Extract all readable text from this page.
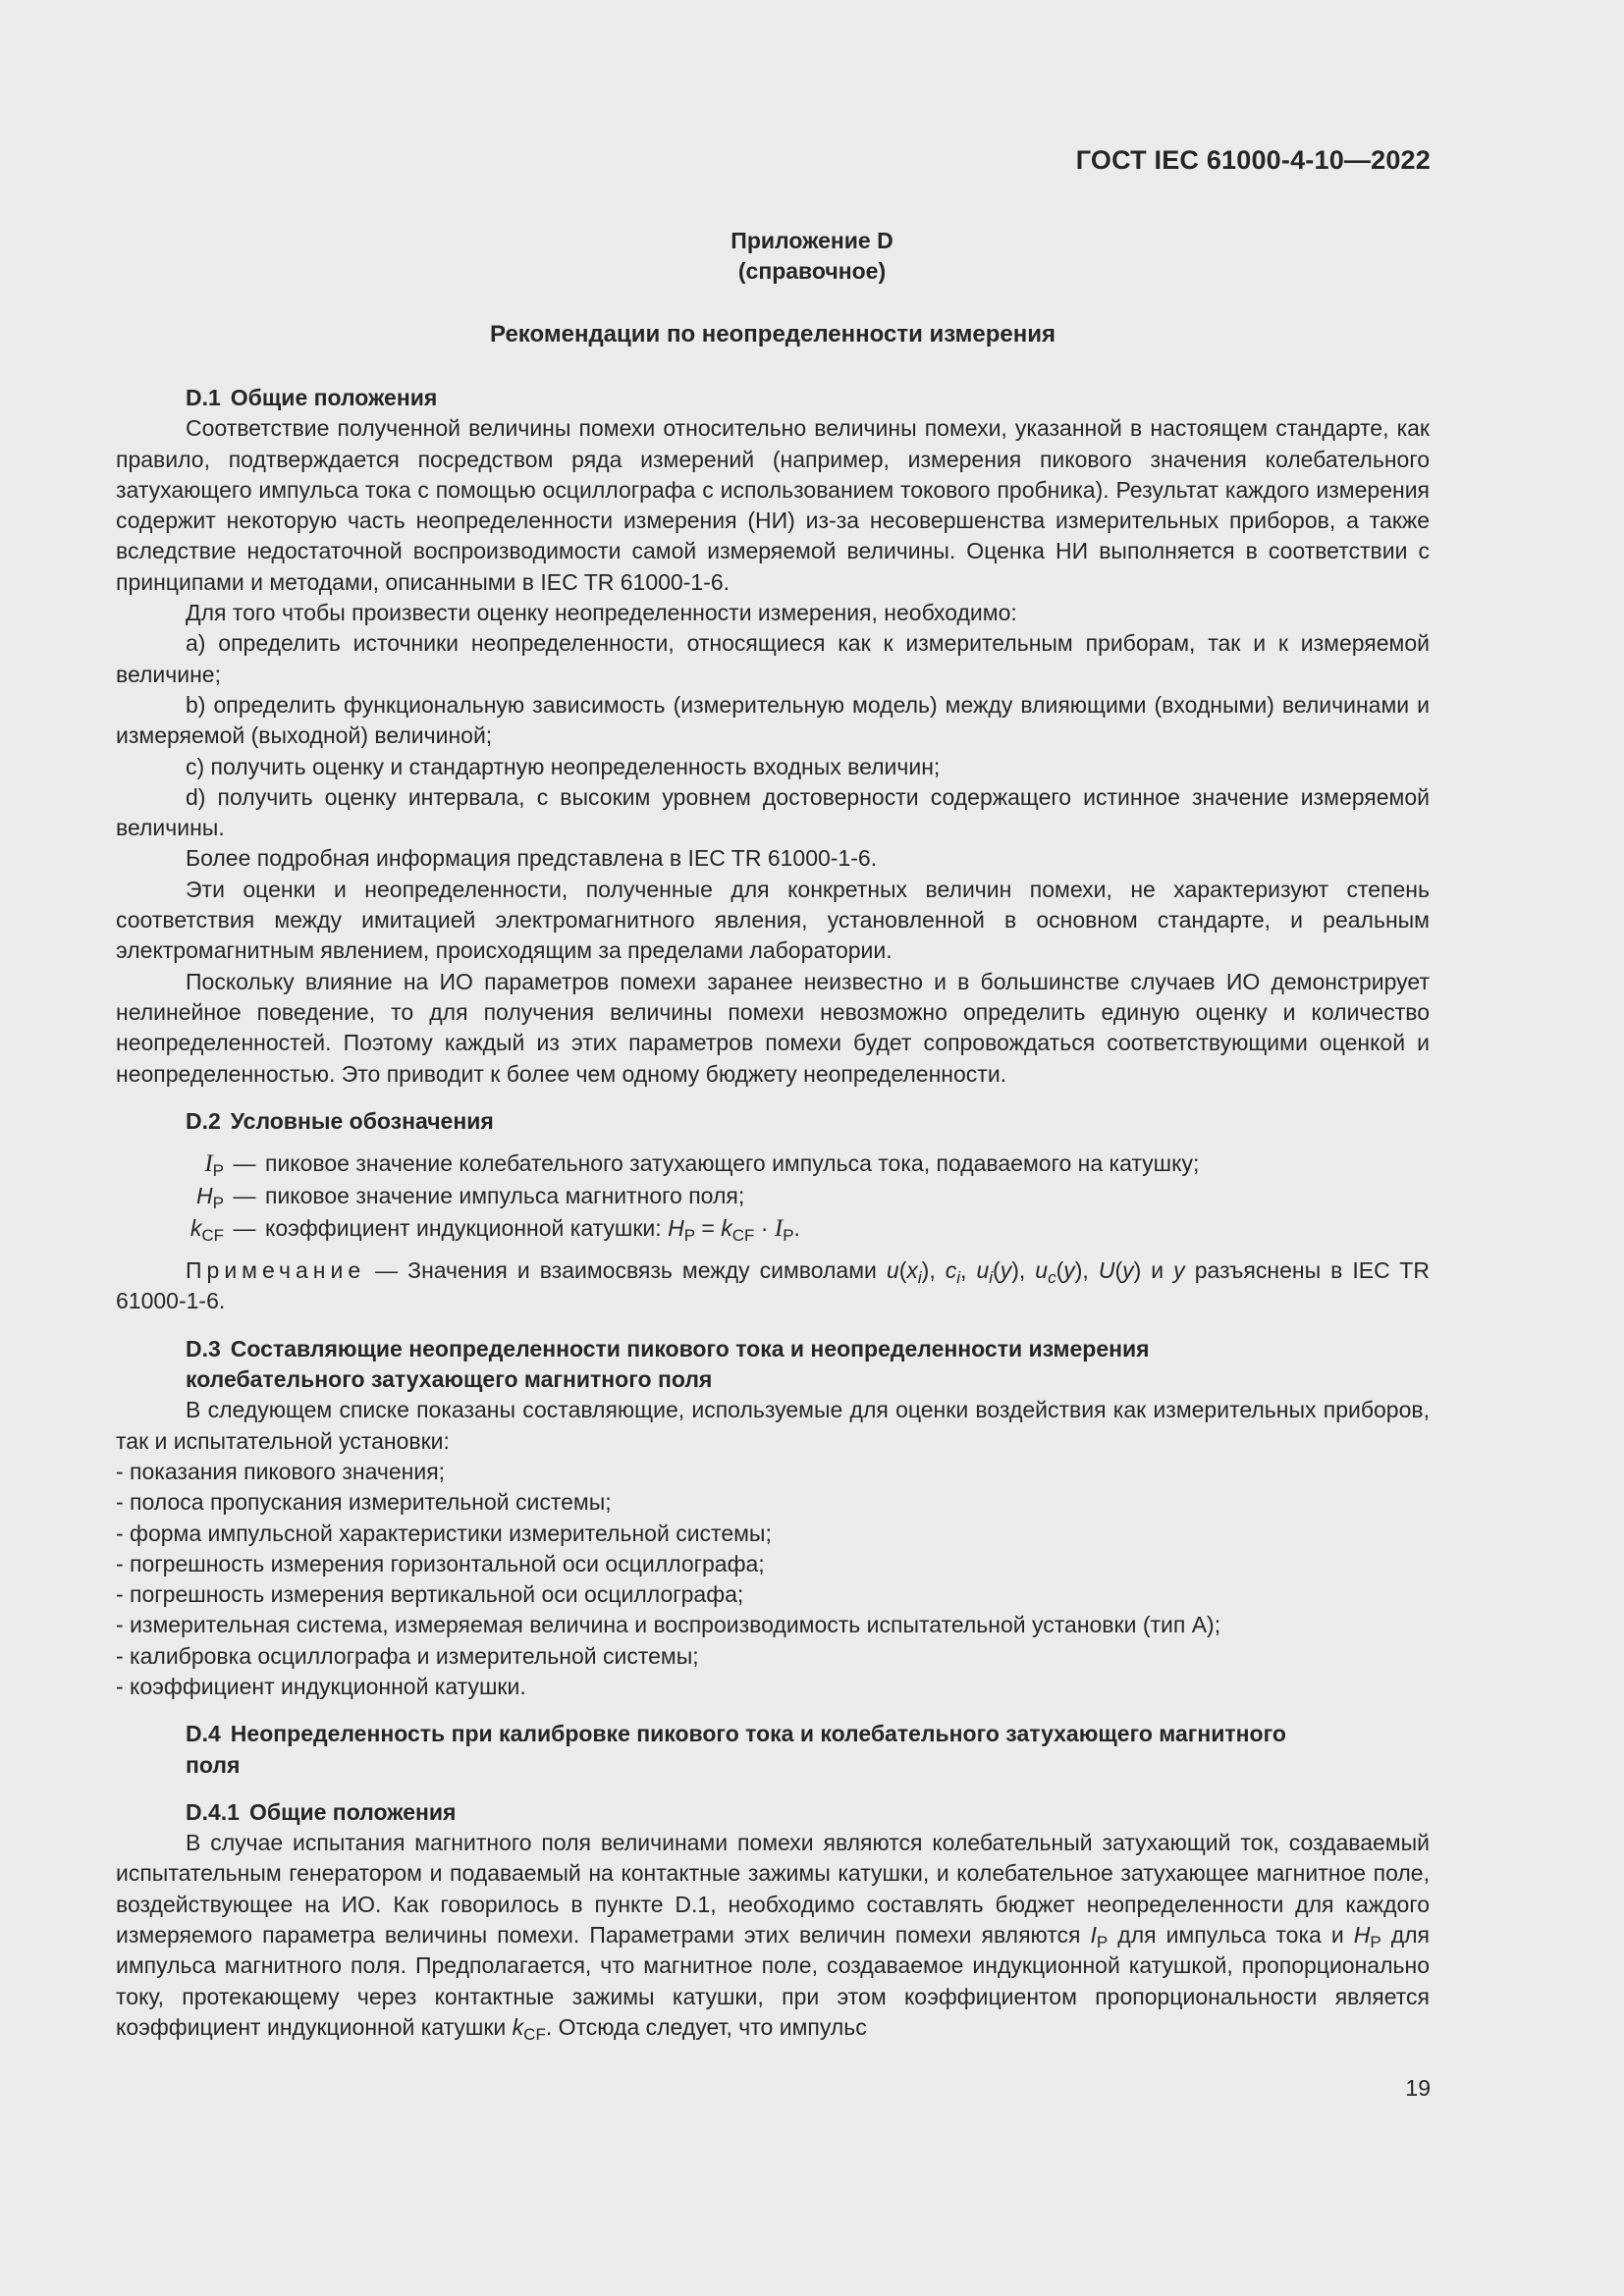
ГОСТ IEC 61000-4-10—2022
Приложение D
(справочное)
Рекомендации по неопределенности измерения
D.1 Общие положения

Соответствие полученной величины помехи относительно величины помехи, указанной в настоящем стандарте, как правило, подтверждается посредством ряда измерений (например, измерения пикового значения колебательного затухающего импульса тока с помощью осциллографа с использованием токового пробника). Результат каждого измерения содержит некоторую часть неопределенности измерения (НИ) из-за несовершенства измерительных приборов, а также вследствие недостаточной воспроизводимости самой измеряемой величины. Оценка НИ выполняется в соответствии с принципами и методами, описанными в IEC TR 61000-1-6.

Для того чтобы произвести оценку неопределенности измерения, необходимо:

a) определить источники неопределенности, относящиеся как к измерительным приборам, так и к измеряемой величине;

b) определить функциональную зависимость (измерительную модель) между влияющими (входными) величинами и измеряемой (выходной) величиной;

c) получить оценку и стандартную неопределенность входных величин;

d) получить оценку интервала, с высоким уровнем достоверности содержащего истинное значение измеряемой величины.

Более подробная информация представлена в IEC TR 61000-1-6.

Эти оценки и неопределенности, полученные для конкретных величин помехи, не характеризуют степень соответствия между имитацией электромагнитного явления, установленной в основном стандарте, и реальным электромагнитным явлением, происходящим за пределами лаборатории.

Поскольку влияние на ИО параметров помехи заранее неизвестно и в большинстве случаев ИО демонстрирует нелинейное поведение, то для получения величины помехи невозможно определить единую оценку и количество неопределенностей. Поэтому каждый из этих параметров помехи будет сопровождаться соответствующими оценкой и неопределенностью. Это приводит к более чем одному бюджету неопределенности.

D.2 Условные обозначения
$I_P$ — пиковое значение колебательного затухающего импульса тока, подаваемого на катушку;
$H_P$ — пиковое значение импульса магнитного поля;
$k_{CF}$ — коэффициент индукционной катушки: $H_P = k_{CF} \cdot I_P$.

Примечание — Значения и взаимосвязь между символами $u(x_i)$, $c_i$, $u_i(y)$, $u_c(y)$, U(y) и y разъяснены в IEC TR 61000-1-6.

D.3 Составляющие неопределенности пикового тока и неопределенности измерения
колебательного затухающего магнитного поля

В следующем списке показаны составляющие, используемые для оценки воздействия как измерительных приборов, так и испытательной установки:

- показания пикового значения;

- полоса пропускания измерительной системы;

- форма импульсной характеристики измерительной системы;

- погрешность измерения горизонтальной оси осциллографа;

- погрешность измерения вертикальной оси осциллографа;

- измерительная система, измеряемая величина и воспроизводимость испытательной установки (тип А);

- калибровка осциллографа и измерительной системы;

- коэффициент индукционной катушки.

D.4 Неопределенность при калибровке пикового тока и колебательного затухающего магнитного
поля
D.4.1 Общие положения

В случае испытания магнитного поля величинами помехи являются колебательный затухающий ток, создаваемый испытательным генератором и подаваемый на контактные зажимы катушки, и колебательное затухающее магнитное поле, воздействующее на ИО. Как говорилось в пункте D.1, необходимо составлять бюджет неопределенности для каждого измеряемого параметра величины помехи. Параметрами этих величин помехи являются $I_P$ для импульса тока и $H_P$ для импульса магнитного поля. Предполагается, что магнитное поле, создаваемое индукционной катушкой, пропорционально току, протекающему через контактные зажимы катушки, при этом коэффициентом пропорциональности является коэффициент индукционной катушки $k_{CF}$. Отсюда следует, что импульс

19
